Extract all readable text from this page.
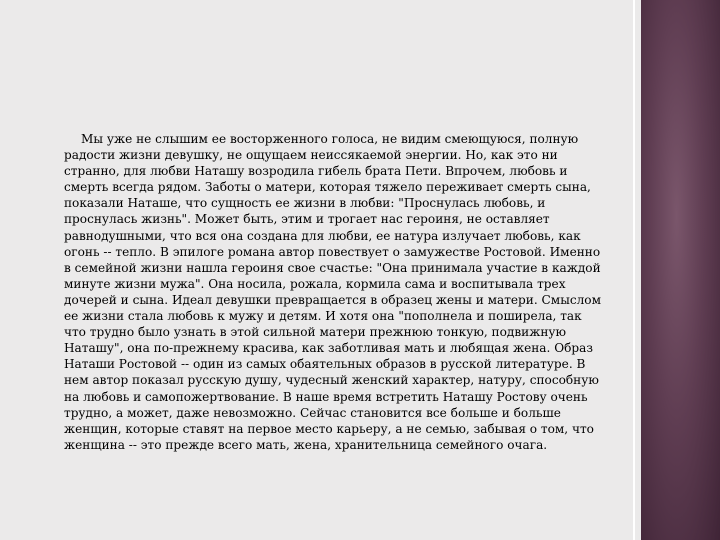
Мы уже не слышим ее восторженного голоса, не видим смеющуюся, полную радости жизни девушку, не ощущаем неиссякаемой энергии. Но, как это ни странно, для любви Наташу возродила гибель брата Пети. Впрочем, любовь и смерть всегда рядом. Заботы о матери, которая тяжело переживает смерть сына, показали Наташе, что сущность ее жизни в любви: "Проснулась любовь, и проснулась жизнь". Может быть, этим и трогает нас героиня, не оставляет равнодушными, что вся она создана для любви, ее натура излучает любовь, как огонь -- тепло. В эпилоге романа автор повествует о замужестве Ростовой. Именно в семейной жизни нашла героиня свое счастье: "Она принимала участие в каждой минуте жизни мужа". Она носила, рожала, кормила сама и воспитывала трех дочерей и сына. Идеал девушки превращается в образец жены и матери. Смыслом ее жизни стала любовь к мужу и детям. И хотя она "пополнела и поширела, так что трудно было узнать в этой сильной матери прежнюю тонкую, подвижную Наташу", она по-прежнему красива, как заботливая мать и любящая жена. Образ Наташи Ростовой -- один из самых обаятельных образов в русской литературе. В нем автор показал русскую душу, чудесный женский характер, натуру, способную на любовь и самопожертвование. В наше время встретить Наташу Ростову очень трудно, а может, даже невозможно. Сейчас становится все больше и больше женщин, которые ставят на первое место карьеру, а не семью, забывая о том, что женщина -- это прежде всего мать, жена, хранительница семейного очага.
